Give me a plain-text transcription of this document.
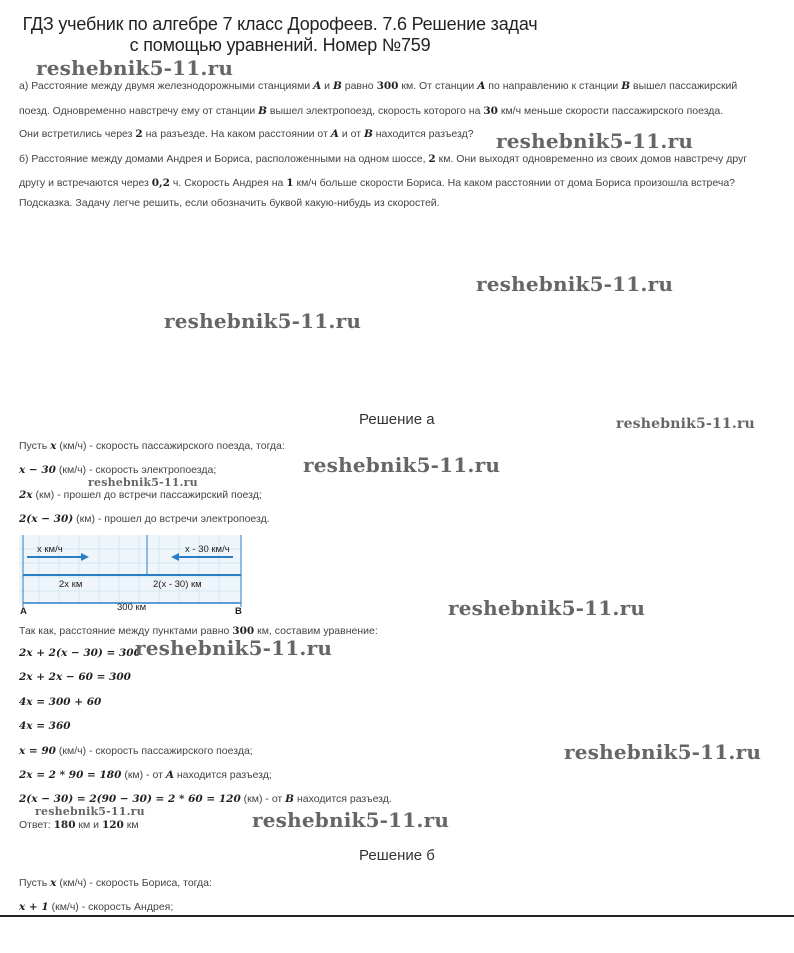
ГДЗ учебник по алгебре 7 класс Дорофеев. 7.6 Решение задач с помощью уравнений. Номер №759
а) Расстояние между двумя железнодорожными станциями A и B равно 300 км. От станции A по направлению к станции B вышел пассажирский
поезд. Одновременно навстречу ему от станции B вышел электропоезд, скорость которого на 30 км/ч меньше скорости пассажирского поезда.
Они встретились через 2 на разъезде. На каком расстоянии от A и от B находится разъезд?
б) Расстояние между домами Андрея и Бориса, расположенными на одном шоссе, 2 км. Они выходят одновременно из своих домов навстречу друг
другу и встречаются через 0,2 ч. Скорость Андрея на 1 км/ч больше скорости Бориса. На каком расстоянии от дома Бориса произошла встреча?
Подсказка. Задачу легче решить, если обозначить буквой какую-нибудь из скоростей.
Решение а
Пусть x (км/ч) - скорость пассажирского поезда, тогда:
x − 30 (км/ч) - скорость электропоезда;
2x (км) - прошел до встречи пассажирский поезд;
2(x − 30) (км) - прошел до встречи электропоезд.
x км/ч	x - 30 км/ч
2x км	2(x - 30) км
300 км
A	B
Так как, расстояние между пунктами равно 300 км, составим уравнение:
2x + 2(x − 30) = 300
2x + 2x − 60 = 300
4x = 300 + 60
4x = 360
x = 90 (км/ч) - скорость пассажирского поезда;
2x = 2 * 90 = 180 (км) - от A находится разъезд;
2(x − 30) = 2(90 − 30) = 2 * 60 = 120 (км) - от B находится разъезд.
Ответ: 180 км и 120 км
Решение б
Пусть x (км/ч) - скорость Бориса, тогда:
x + 1 (км/ч) - скорость Андрея;
reshebnik5-11.ru
reshebnik5-11.ru
reshebnik5-11.ru
reshebnik5-11.ru
reshebnik5-11.ru
reshebnik5-11.ru
reshebnik5-11.ru
reshebnik5-11.ru
reshebnik5-11.ru
reshebnik5-11.ru
reshebnik5-11.ru	reshebnik5-11.ru
